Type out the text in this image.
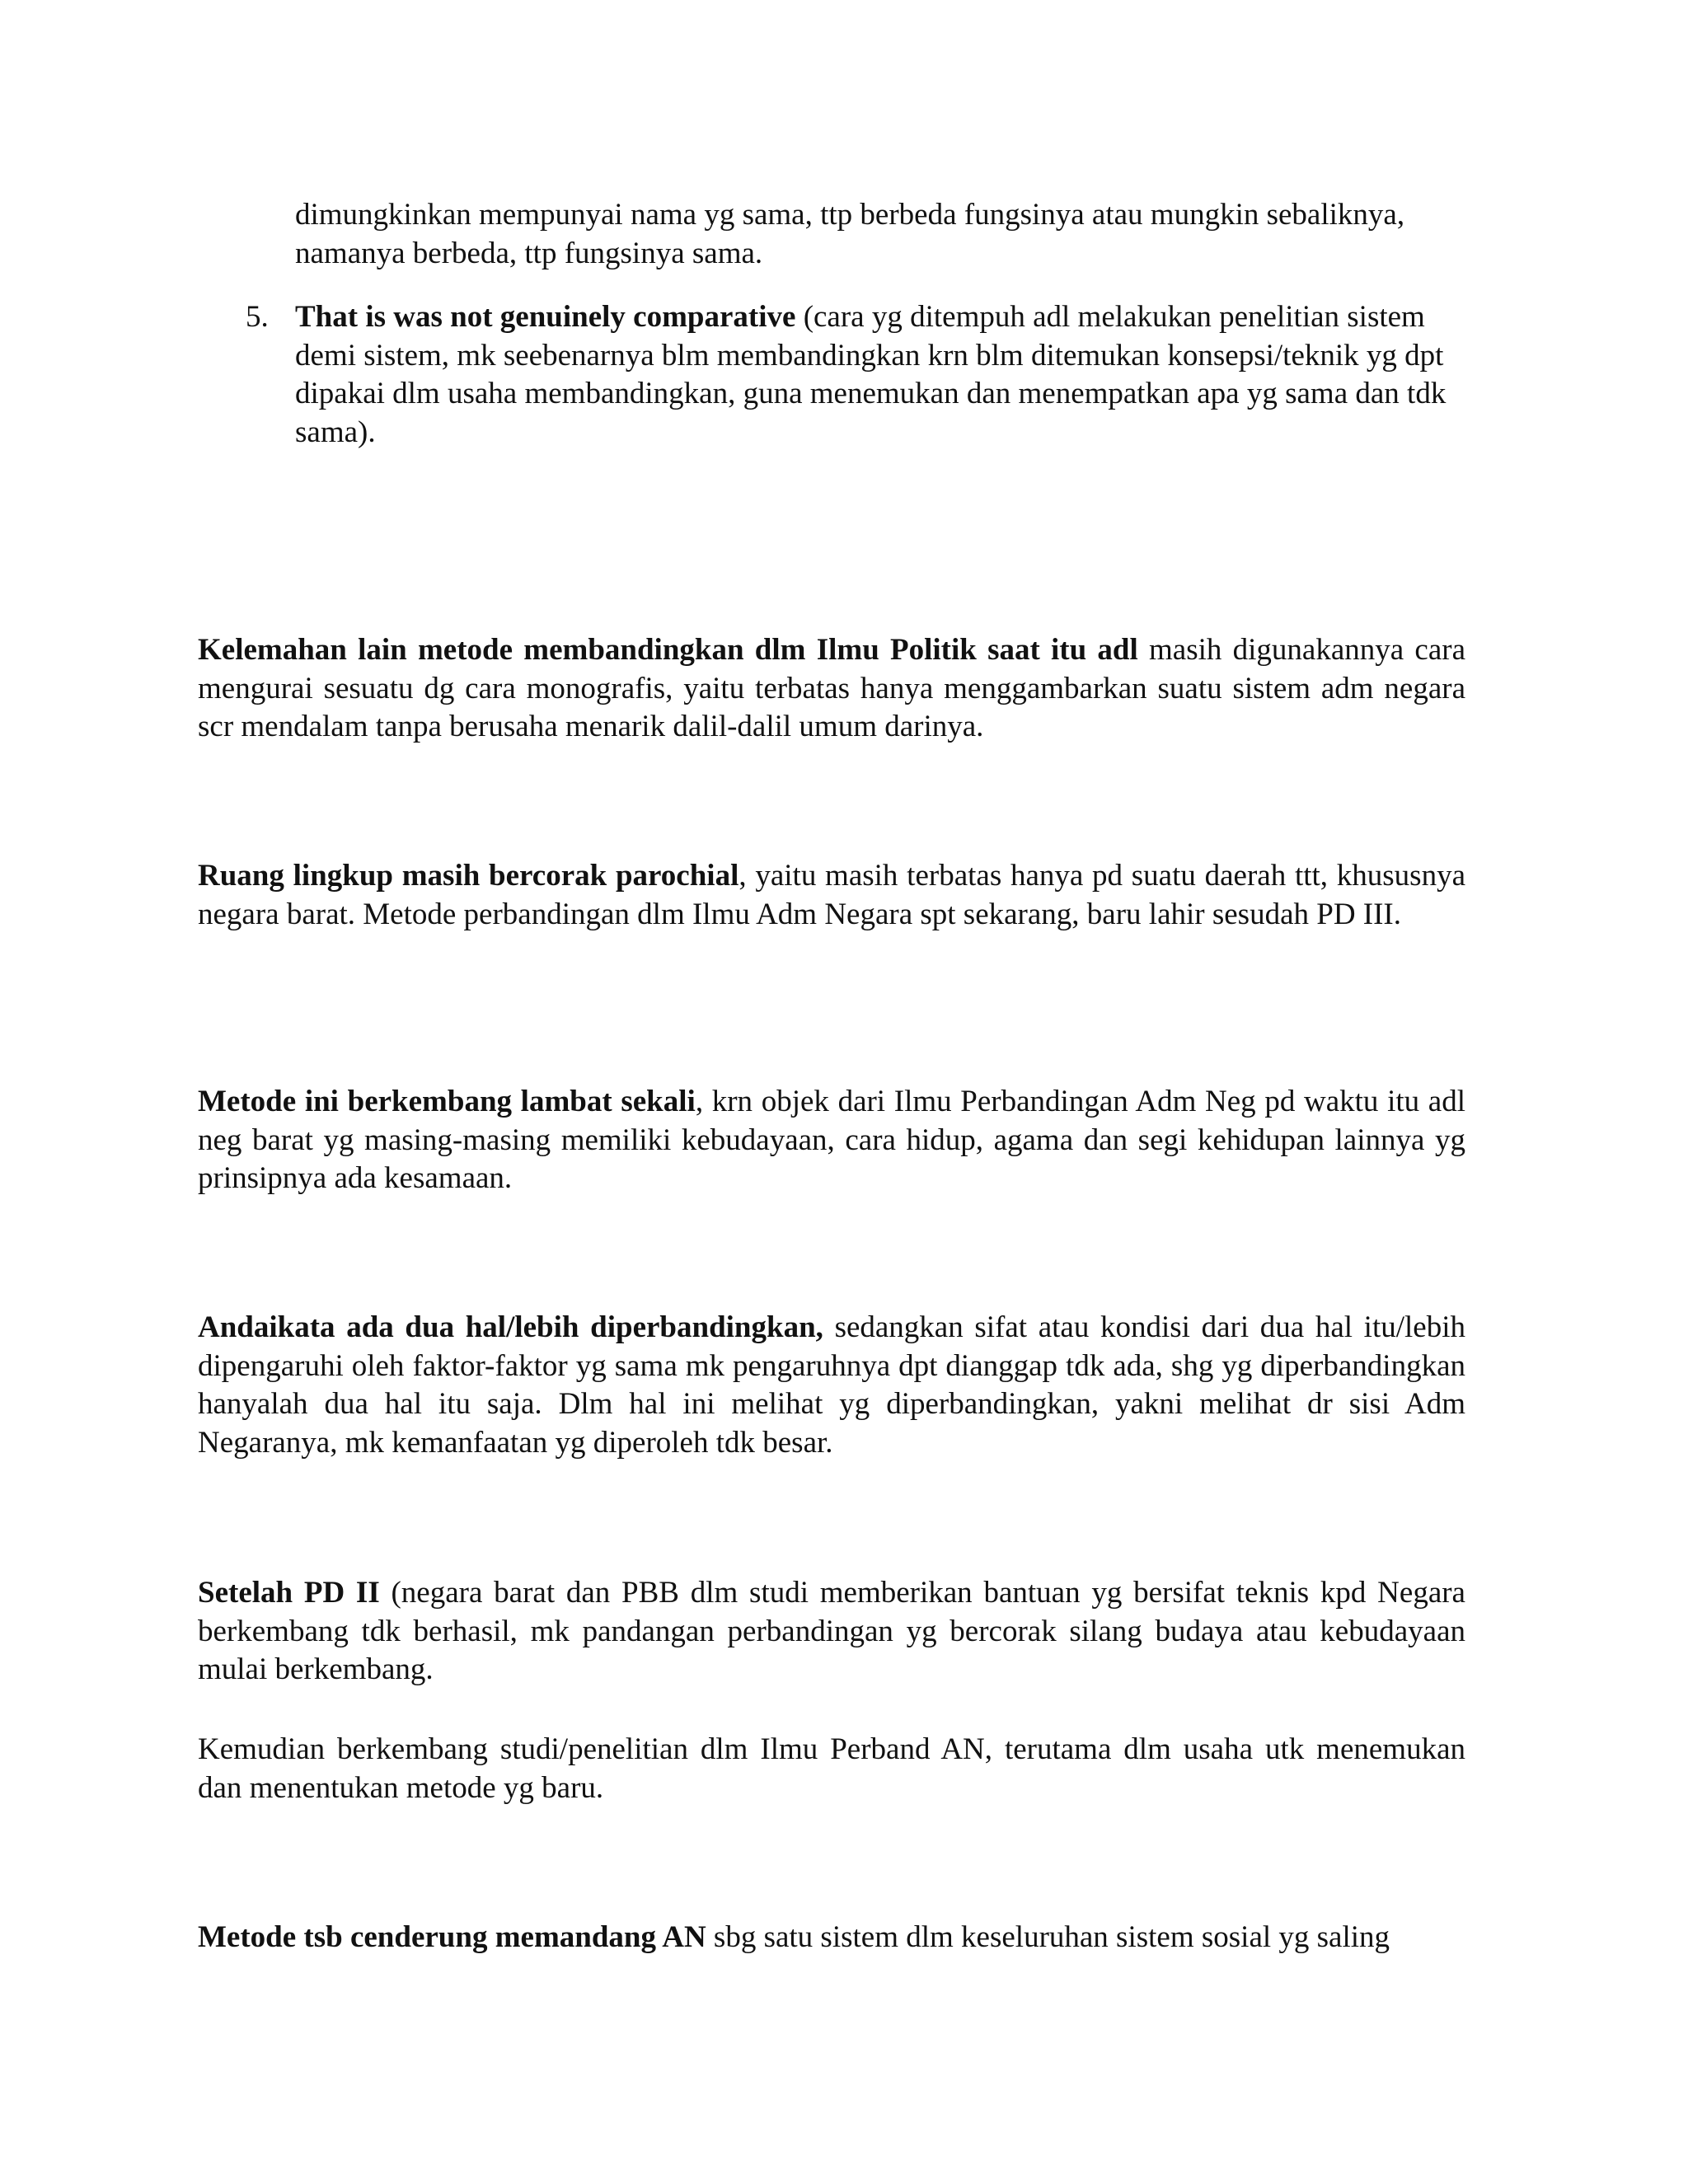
dimungkinkan mempunyai nama yg sama, ttp berbeda fungsinya atau mungkin sebaliknya, namanya berbeda, ttp fungsinya sama.
5. That is was not genuinely comparative (cara yg ditempuh adl melakukan penelitian sistem demi sistem, mk seebenarnya blm membandingkan krn blm ditemukan konsepsi/teknik yg dpt dipakai dlm usaha membandingkan, guna menemukan dan menempatkan apa yg sama dan tdk sama).

Kelemahan lain metode membandingkan dlm Ilmu Politik saat itu adl masih digunakannya cara mengurai sesuatu dg cara monografis, yaitu terbatas hanya menggambarkan suatu sistem adm negara scr mendalam tanpa berusaha menarik dalil-dalil umum darinya.

Ruang lingkup masih bercorak parochial, yaitu masih terbatas hanya pd suatu daerah ttt, khususnya negara barat. Metode perbandingan dlm Ilmu Adm Negara spt sekarang, baru lahir sesudah PD III.

Metode ini berkembang lambat sekali, krn objek dari Ilmu Perbandingan Adm Neg pd waktu itu adl neg barat yg masing-masing memiliki kebudayaan, cara hidup, agama dan segi kehidupan lainnya yg prinsipnya ada kesamaan.

Andaikata ada dua hal/lebih diperbandingkan, sedangkan sifat atau kondisi dari dua hal itu/lebih dipengaruhi oleh faktor-faktor yg sama mk pengaruhnya dpt dianggap tdk ada, shg yg diperbandingkan hanyalah dua hal itu saja. Dlm hal ini melihat yg diperbandingkan, yakni melihat dr sisi Adm Negaranya, mk kemanfaatan yg diperoleh tdk besar.

Setelah PD II (negara barat dan PBB dlm studi memberikan bantuan yg bersifat teknis kpd Negara berkembang tdk berhasil, mk pandangan perbandingan yg bercorak silang budaya atau kebudayaan mulai berkembang.

Kemudian berkembang studi/penelitian dlm Ilmu Perband AN, terutama dlm usaha utk menemukan dan menentukan metode yg baru.

Metode tsb cenderung memandang AN sbg satu sistem dlm keseluruhan sistem sosial yg saling
